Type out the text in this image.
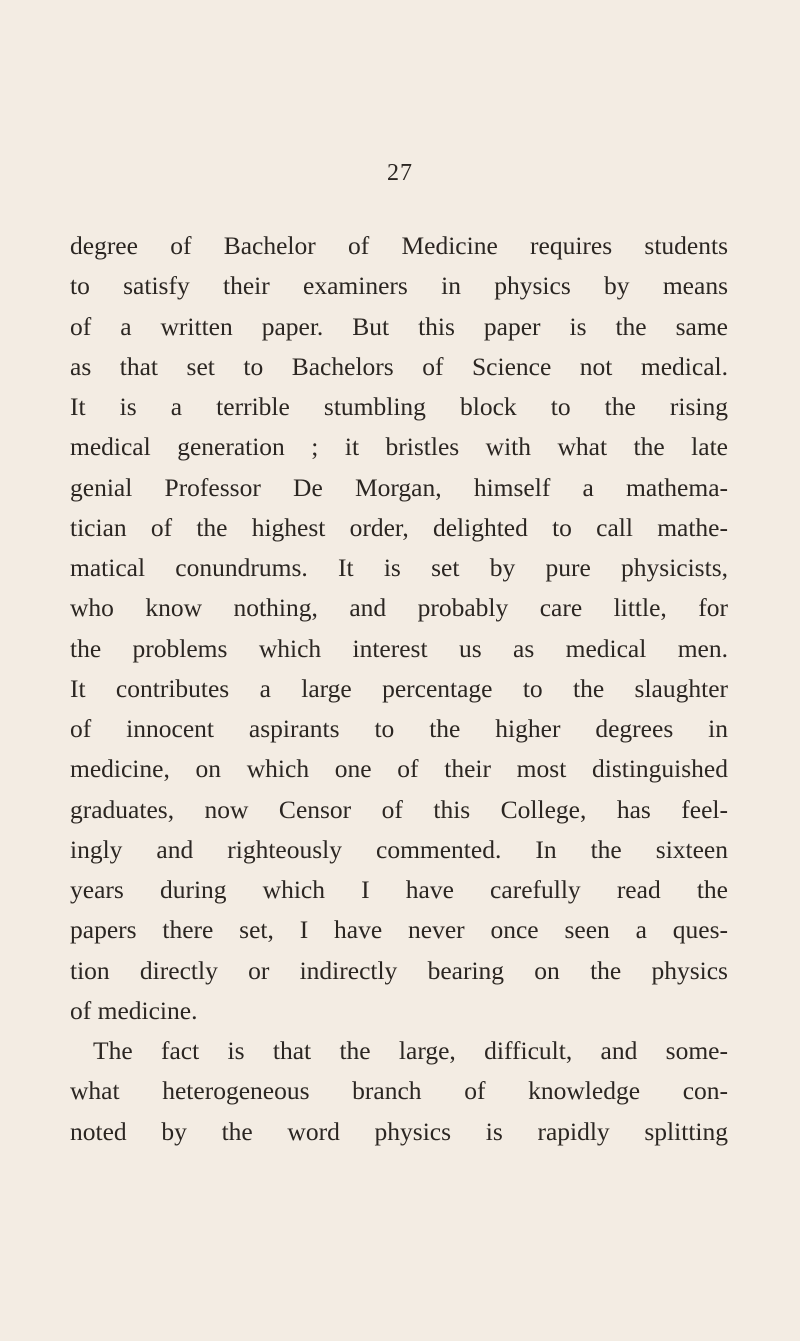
27
degree of Bachelor of Medicine requires students
to satisfy their examiners in physics by means
of a written paper. But this paper is the same
as that set to Bachelors of Science not medical.
It is a terrible stumbling block to the rising
medical generation ; it bristles with what the late
genial Professor De Morgan, himself a mathema-
tician of the highest order, delighted to call mathe-
matical conundrums. It is set by pure physicists,
who know nothing, and probably care little, for
the problems which interest us as medical men.
It contributes a large percentage to the slaughter
of innocent aspirants to the higher degrees in
medicine, on which one of their most distinguished
graduates, now Censor of this College, has feel-
ingly and righteously commented. In the sixteen
years during which I have carefully read the
papers there set, I have never once seen a ques-
tion directly or indirectly bearing on the physics
of medicine.
The fact is that the large, difficult, and some-
what heterogeneous branch of knowledge con-
noted by the word physics is rapidly splitting
